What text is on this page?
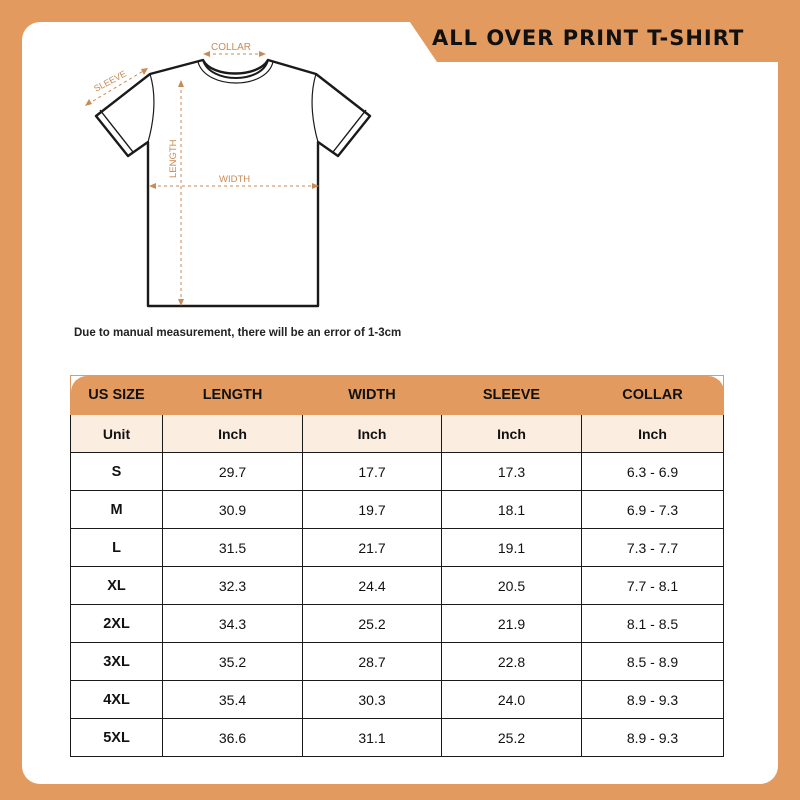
ALL OVER PRINT T-SHIRT
COLLAR
SLEEVE
LENGTH
WIDTH
Due to manual measurement, there will be an error of 1-3cm
US SIZE	LENGTH	WIDTH	SLEEVE	COLLAR
Unit	Inch	Inch	Inch	Inch
S	29.7	17.7	17.3	6.3 - 6.9
M	30.9	19.7	18.1	6.9 - 7.3
L	31.5	21.7	19.1	7.3 - 7.7
XL	32.3	24.4	20.5	7.7 - 8.1
2XL	34.3	25.2	21.9	8.1 - 8.5
3XL	35.2	28.7	22.8	8.5 - 8.9
4XL	35.4	30.3	24.0	8.9 - 9.3
5XL	36.6	31.1	25.2	8.9 - 9.3
